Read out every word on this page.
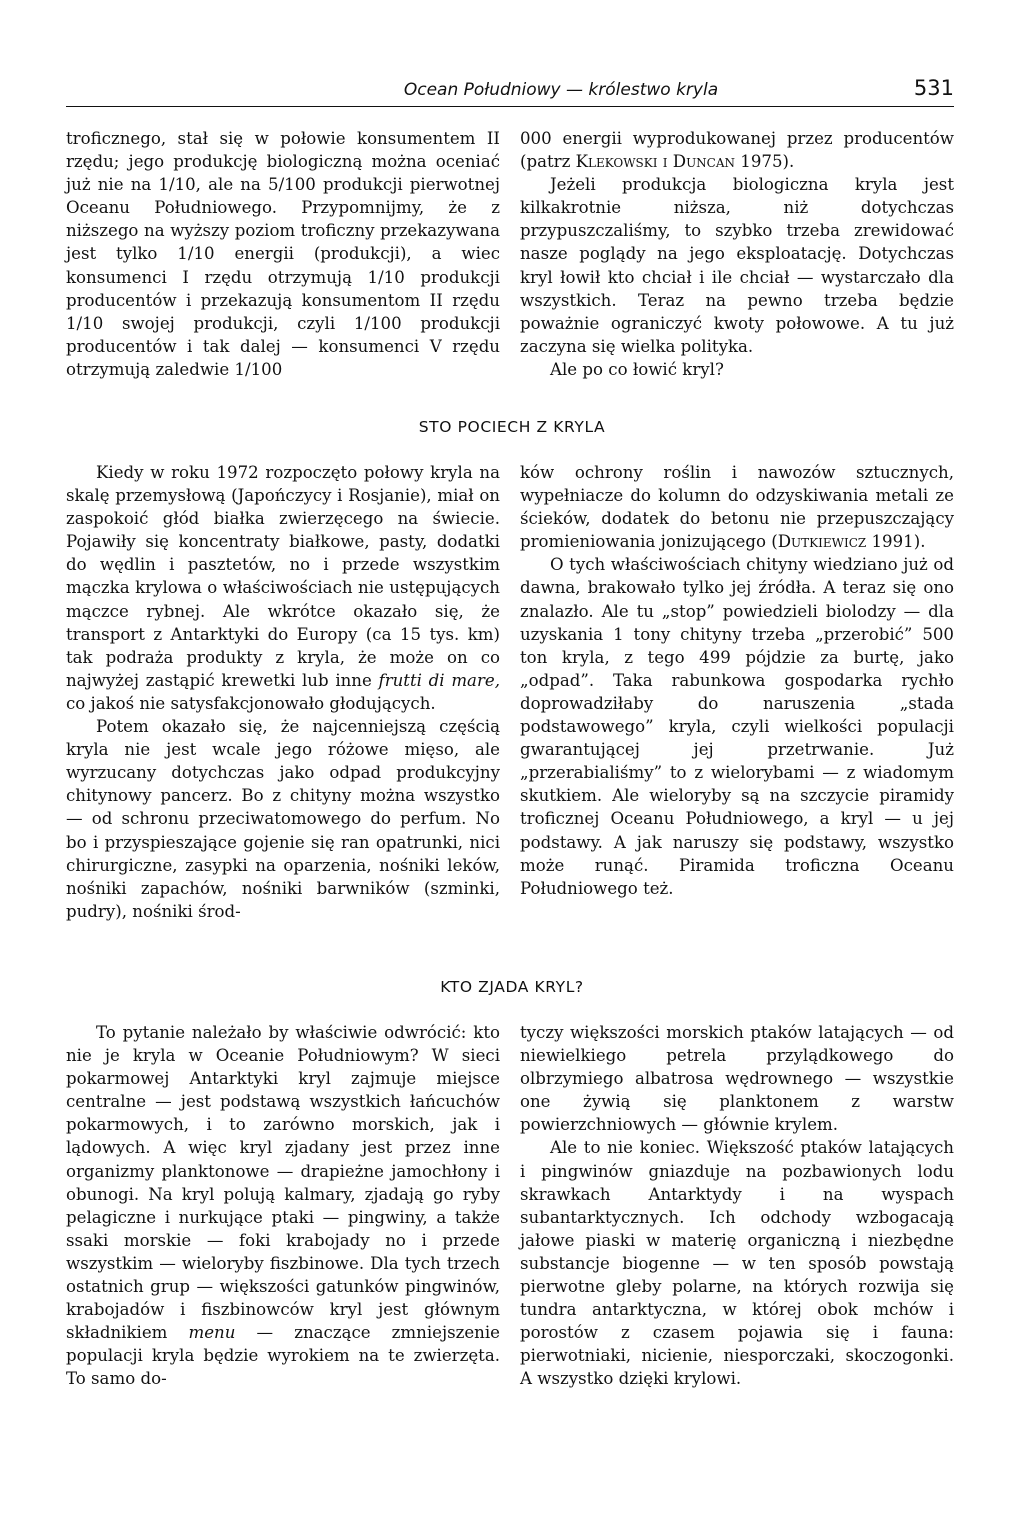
Ocean Południowy — królestwo kryla	531

troficznego, stał się w połowie konsumentem II rzędu; jego produkcję biologiczną można oceniać już nie na 1/10, ale na 5/100 produkcji pierwotnej Oceanu Południowego. Przypomnijmy, że z niższego na wyższy poziom troficzny przekazywana jest tylko 1/10 energii (produkcji), a wiec konsumenci I rzędu otrzymują 1/10 produkcji producentów i przekazują konsumentom II rzędu 1/10 swojej produkcji, czyli 1/100 produkcji producentów i tak dalej — konsumenci V rzędu otrzymują zaledwie 1/100

000 energii wyprodukowanej przez producentów (patrz Klekowski i Duncan 1975).

Jeżeli produkcja biologiczna kryla jest kilkakrotnie niższa, niż dotychczas przypuszczaliśmy, to szybko trzeba zrewidować nasze poglądy na jego eksploatację. Dotychczas kryl łowił kto chciał i ile chciał — wystarczało dla wszystkich. Teraz na pewno trzeba będzie poważnie ograniczyć kwoty połowowe. A tu już zaczyna się wielka polityka.

Ale po co łowić kryl?

STO POCIECH Z KRYLA

Kiedy w roku 1972 rozpoczęto połowy kryla na skalę przemysłową (Japończycy i Rosjanie), miał on zaspokoić głód białka zwierzęcego na świecie. Pojawiły się koncentraty białkowe, pasty, dodatki do wędlin i pasztetów, no i przede wszystkim mączka krylowa o właściwościach nie ustępujących mączce rybnej. Ale wkrótce okazało się, że transport z Antarktyki do Europy (ca 15 tys. km) tak podraża produkty z kryla, że może on co najwyżej zastąpić krewetki lub inne frutti di mare, co jakoś nie satysfakcjonowało głodujących.

Potem okazało się, że najcenniejszą częścią kryla nie jest wcale jego różowe mięso, ale wyrzucany dotychczas jako odpad produkcyjny chitynowy pancerz. Bo z chityny można wszystko — od schronu przeciwatomowego do perfum. No bo i przyspieszające gojenie się ran opatrunki, nici chirurgiczne, zasypki na oparzenia, nośniki leków, nośniki zapachów, nośniki barwników (szminki, pudry), nośniki środ-

ków ochrony roślin i nawozów sztucznych, wypełniacze do kolumn do odzyskiwania metali ze ścieków, dodatek do betonu nie przepuszczający promieniowania jonizującego (Dutkiewicz 1991).

O tych właściwościach chityny wiedziano już od dawna, brakowało tylko jej źródła. A teraz się ono znalazło. Ale tu „stop” powiedzieli biolodzy — dla uzyskania 1 tony chityny trzeba „przerobić” 500 ton kryla, z tego 499 pójdzie za burtę, jako „odpad”. Taka rabunkowa gospodarka rychło doprowadziłaby do naruszenia „stada podstawowego” kryla, czyli wielkości populacji gwarantującej jej przetrwanie. Już „przerabialiśmy” to z wielorybami — z wiadomym skutkiem. Ale wieloryby są na szczycie piramidy troficznej Oceanu Południowego, a kryl — u jej podstawy. A jak naruszy się podstawy, wszystko może runąć. Piramida troficzna Oceanu Południowego też.

KTO ZJADA KRYL?

To pytanie należało by właściwie odwrócić: kto nie je kryla w Oceanie Południowym? W sieci pokarmowej Antarktyki kryl zajmuje miejsce centralne — jest podstawą wszystkich łańcuchów pokarmowych, i to zarówno morskich, jak i lądowych. A więc kryl zjadany jest przez inne organizmy planktonowe — drapieżne jamochłony i obunogi. Na kryl polują kalmary, zjadają go ryby pelagiczne i nurkujące ptaki — pingwiny, a także ssaki morskie — foki krabojady no i przede wszystkim — wieloryby fiszbinowe. Dla tych trzech ostatnich grup — większości gatunków pingwinów, krabojadów i fiszbinowców kryl jest głównym składnikiem menu — znaczące zmniejszenie populacji kryla będzie wyrokiem na te zwierzęta. To samo do-

tyczy większości morskich ptaków latających — od niewielkiego petrela przylądkowego do olbrzymiego albatrosa wędrownego — wszystkie one żywią się planktonem z warstw powierzchniowych — głównie krylem.

Ale to nie koniec. Większość ptaków latających i pingwinów gniazduje na pozbawionych lodu skrawkach Antarktydy i na wyspach subantarktycznych. Ich odchody wzbogacają jałowe piaski w materię organiczną i niezbędne substancje biogenne — w ten sposób powstają pierwotne gleby polarne, na których rozwija się tundra antarktyczna, w której obok mchów i porostów z czasem pojawia się i fauna: pierwotniaki, nicienie, niesporczaki, skoczogonki. A wszystko dzięki krylowi.
